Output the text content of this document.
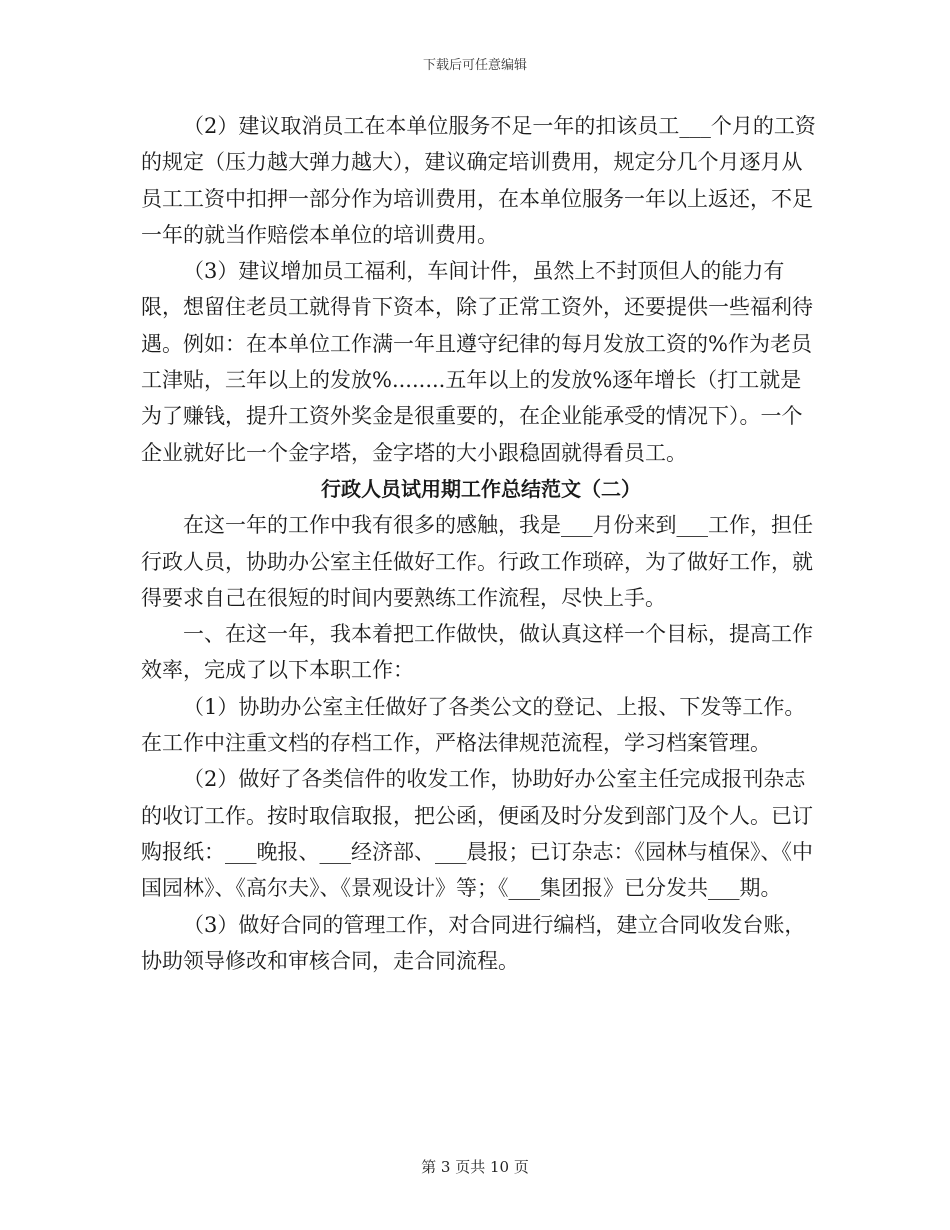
下载后可任意编辑

（2）建议取消员工在本单位服务不足一年的扣该员工___个月的工资的规定（压力越大弹力越大），建议确定培训费用，规定分几个月逐月从员工工资中扣押一部分作为培训费用，在本单位服务一年以上返还，不足一年的就当作赔偿本单位的培训费用。

（3）建议增加员工福利，车间计件，虽然上不封顶但人的能力有限，想留住老员工就得肯下资本，除了正常工资外，还要提供一些福利待遇。例如：在本单位工作满一年且遵守纪律的每月发放工资的%作为老员工津贴，三年以上的发放%........五年以上的发放%逐年增长（打工就是为了赚钱，提升工资外奖金是很重要的，在企业能承受的情况下）。一个企业就好比一个金字塔，金字塔的大小跟稳固就得看员工。

行政人员试用期工作总结范文（二）

在这一年的工作中我有很多的感触，我是___月份来到___工作，担任行政人员，协助办公室主任做好工作。行政工作琐碎，为了做好工作，就得要求自己在很短的时间内要熟练工作流程，尽快上手。

一、在这一年，我本着把工作做快，做认真这样一个目标，提高工作效率，完成了以下本职工作：

（1）协助办公室主任做好了各类公文的登记、上报、下发等工作。在工作中注重文档的存档工作，严格法律规范流程，学习档案管理。

（2）做好了各类信件的收发工作，协助好办公室主任完成报刊杂志的收订工作。按时取信取报，把公函，便函及时分发到部门及个人。已订购报纸：___晚报、___经济部、___晨报；已订杂志：《园林与植保》、《中国园林》、《高尔夫》、《景观设计》等；《___集团报》已分发共___期。

（3）做好合同的管理工作，对合同进行编档，建立合同收发台账，协助领导修改和审核合同，走合同流程。

第 3 页共 10 页
